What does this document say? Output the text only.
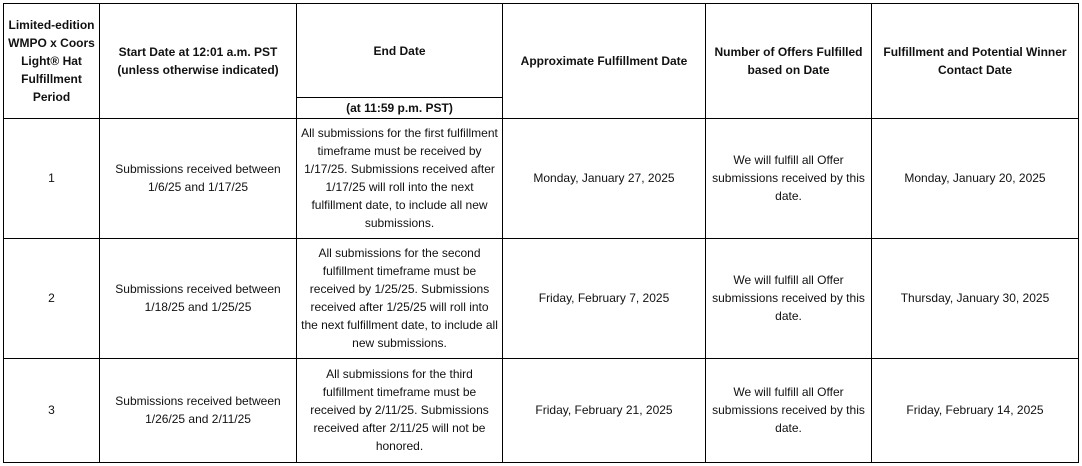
Limited-edition WMPO x Coors Light® Hat Fulfillment Period	Start Date at 12:01 a.m. PST (unless otherwise indicated)	End Date	Approximate Fulfillment Date	Number of Offers Fulfilled based on Date	Fulfillment and Potential Winner Contact Date
		(at 11:59 p.m. PST)			
1	Submissions received between 1/6/25 and 1/17/25	All submissions for the first fulfillment timeframe must be received by 1/17/25. Submissions received after 1/17/25 will roll into the next fulfillment date, to include all new submissions.	Monday, January 27, 2025	We will fulfill all Offer submissions received by this date.	Monday, January 20, 2025
2	Submissions received between 1/18/25 and 1/25/25	All submissions for the second fulfillment timeframe must be received by 1/25/25. Submissions received after 1/25/25 will roll into the next fulfillment date, to include all new submissions.	Friday, February 7, 2025	We will fulfill all Offer submissions received by this date.	Thursday, January 30, 2025
3	Submissions received between 1/26/25 and 2/11/25	All submissions for the third fulfillment timeframe must be received by 2/11/25. Submissions received after 2/11/25 will not be honored.	Friday, February 21, 2025	We will fulfill all Offer submissions received by this date.	Friday, February 14, 2025
